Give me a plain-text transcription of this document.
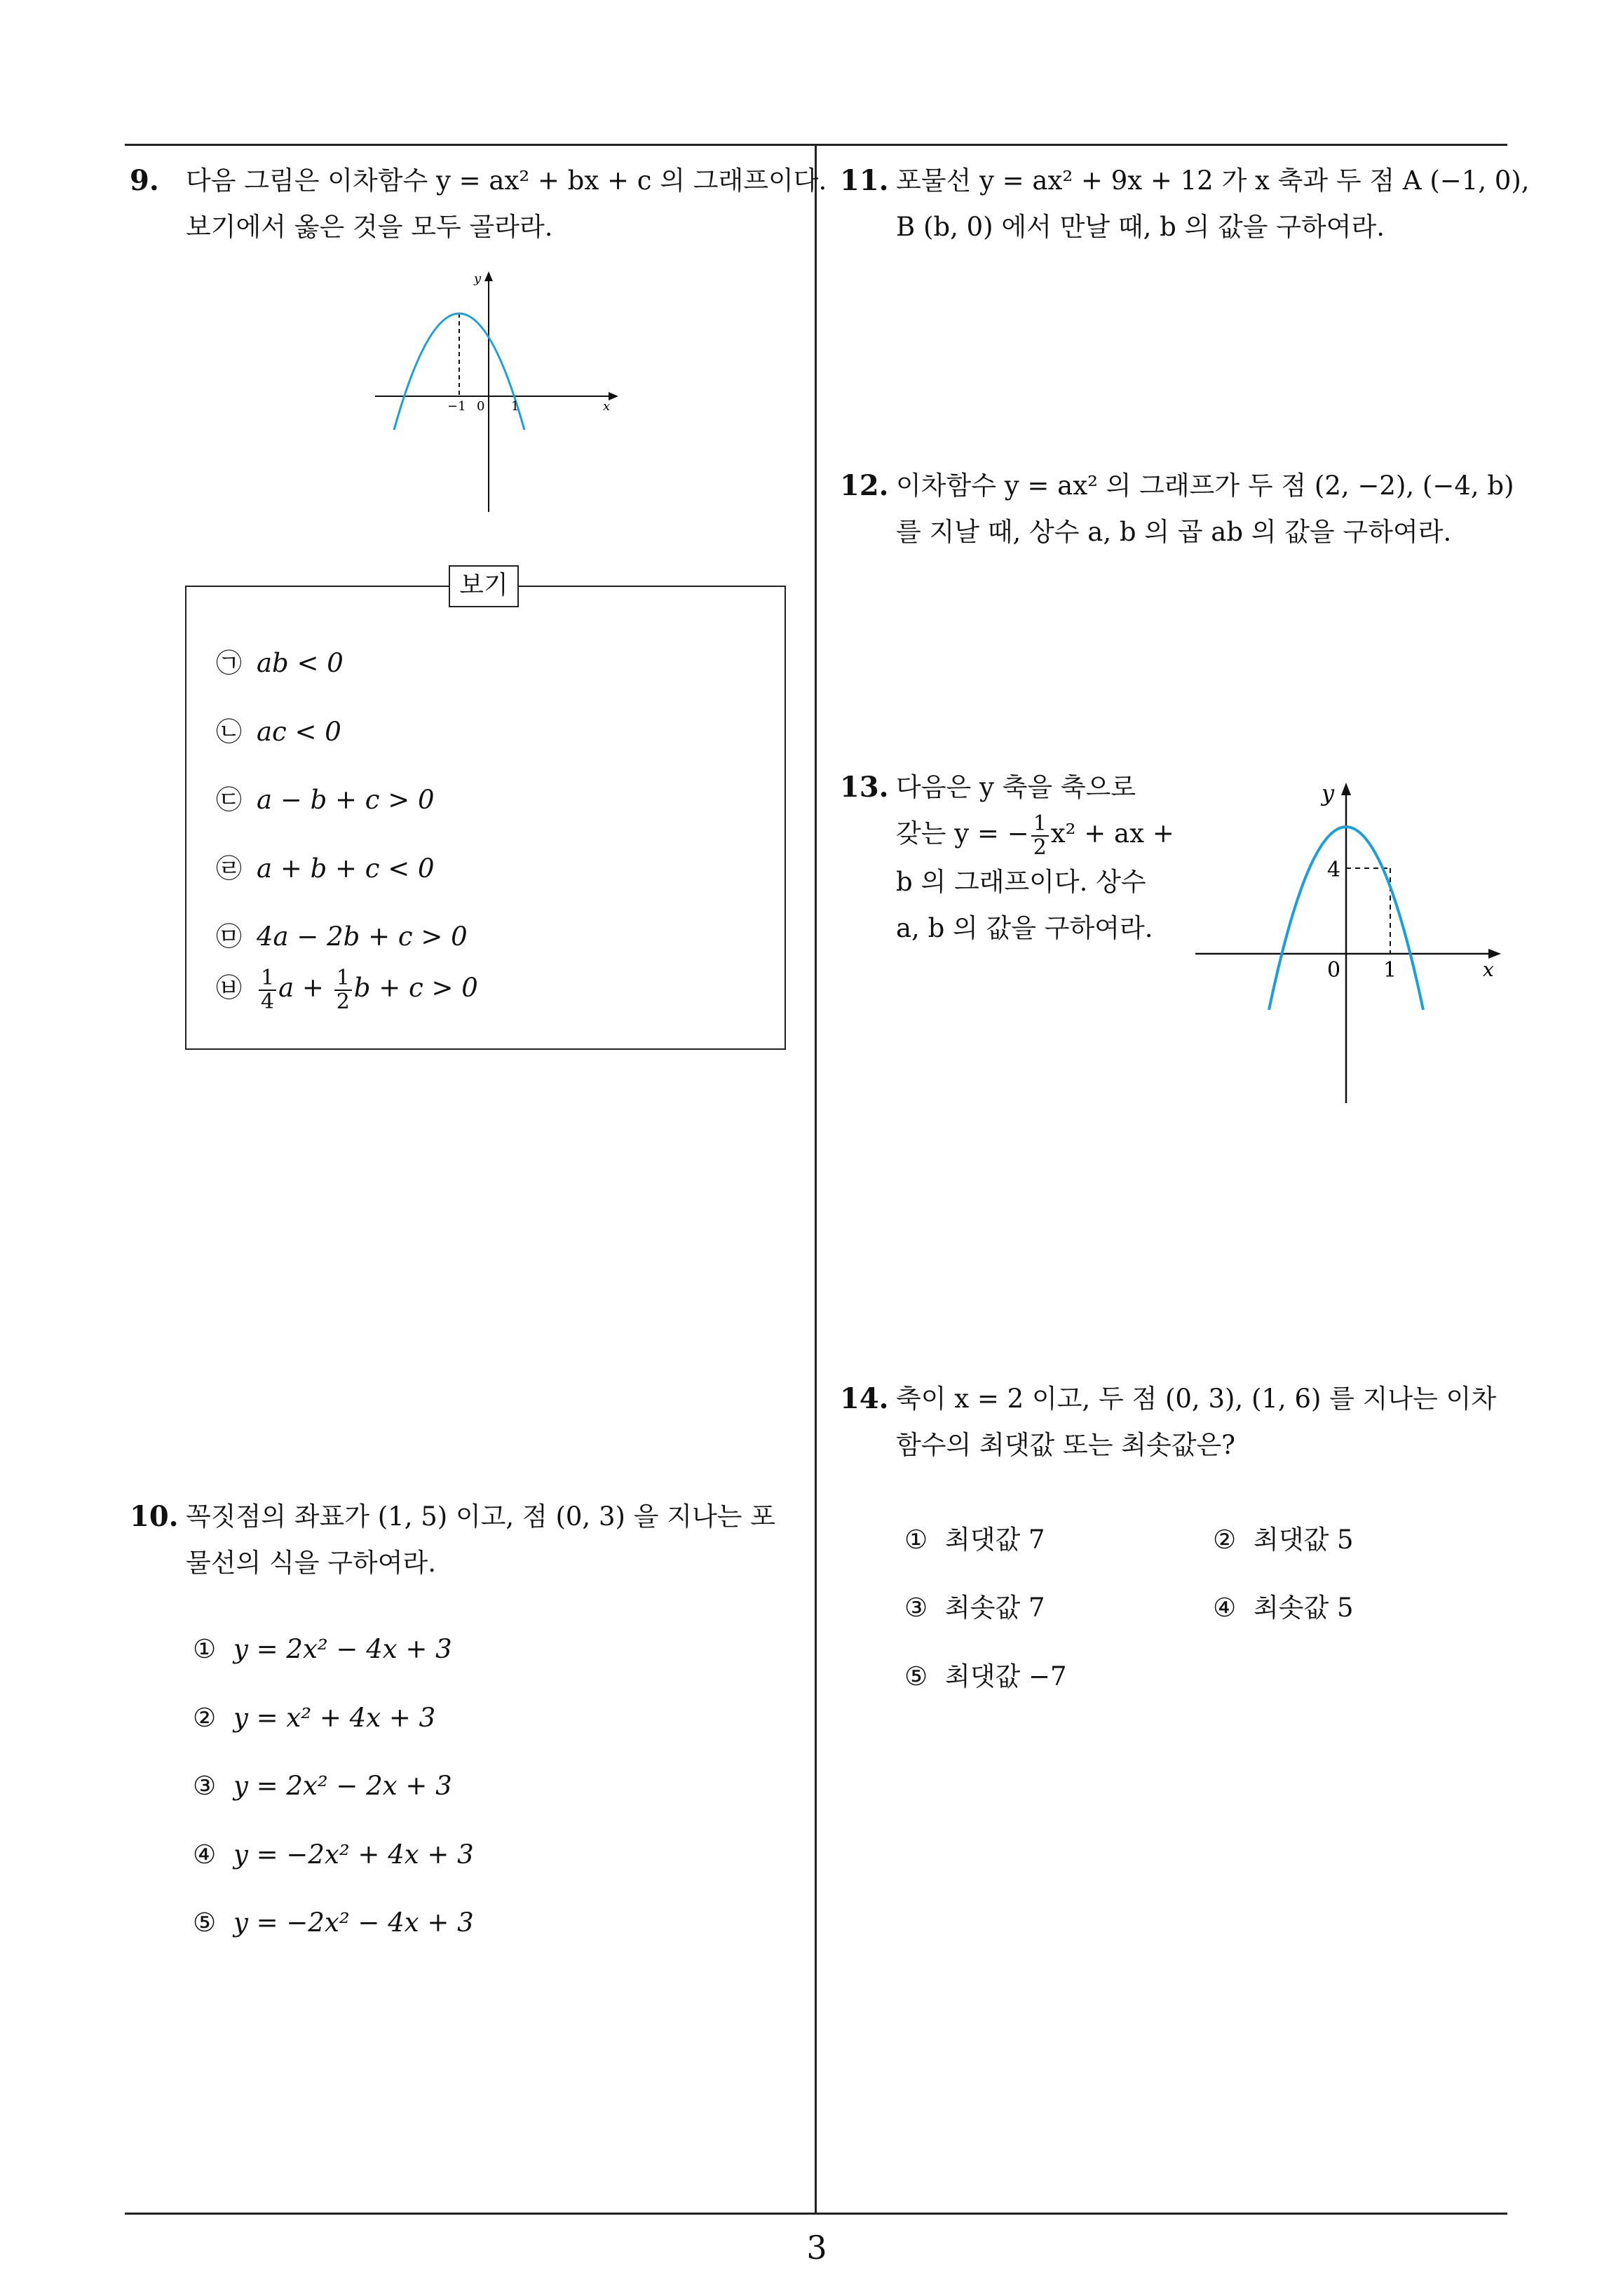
3
9. 다음 그림은 이차함수 y = ax² + bx + c 의 그래프이다.
보기에서 옳은 것을 모두 골라라.
y
x
−1 0 1
보기
㉠ ab < 0
㉡ ac < 0
㉢ a − b + c > 0
㉣ a + b + c < 0
㉤ 4a − 2b + c > 0
㉥ $\frac{1}{4}$ $a + \frac{1}{2}$ b + c > 0
10. 꼭짓점의 좌표가 (1, 5) 이고, 점 (0, 3) 을 지나는 포
물선의 식을 구하여라.
① y = 2x² − 4x + 3
② y = x² + 4x + 3
③ y = 2x² − 2x + 3
④ y = −2x² + 4x + 3
⑤ y = −2x² − 4x + 3
11. 포물선 y = ax² + 9x + 12 가 x 축과 두 점 A (−1, 0),
B (b, 0) 에서 만날 때, b 의 값을 구하여라.
12. 이차함수 y = ax² 의 그래프가 두 점 (2, −2), (−4, b)
를 지날 때, 상수 a, b 의 곱 ab 의 값을 구하여라.
13. 다음은 y 축을 축으로
갖는 y = − $\frac{1}{2} x^2$ + ax +
b 의 그래프이다. 상수
a, b 의 값을 구하여라.
y
x
4
0 1
14. 축이 x = 2 이고, 두 점 (0, 3), (1, 6) 를 지나는 이차
함수의 최댓값 또는 최솟값은?
① 최댓값 7	② 최댓값 5
③ 최솟값 7	④ 최솟값 5
⑤ 최댓값 −7
